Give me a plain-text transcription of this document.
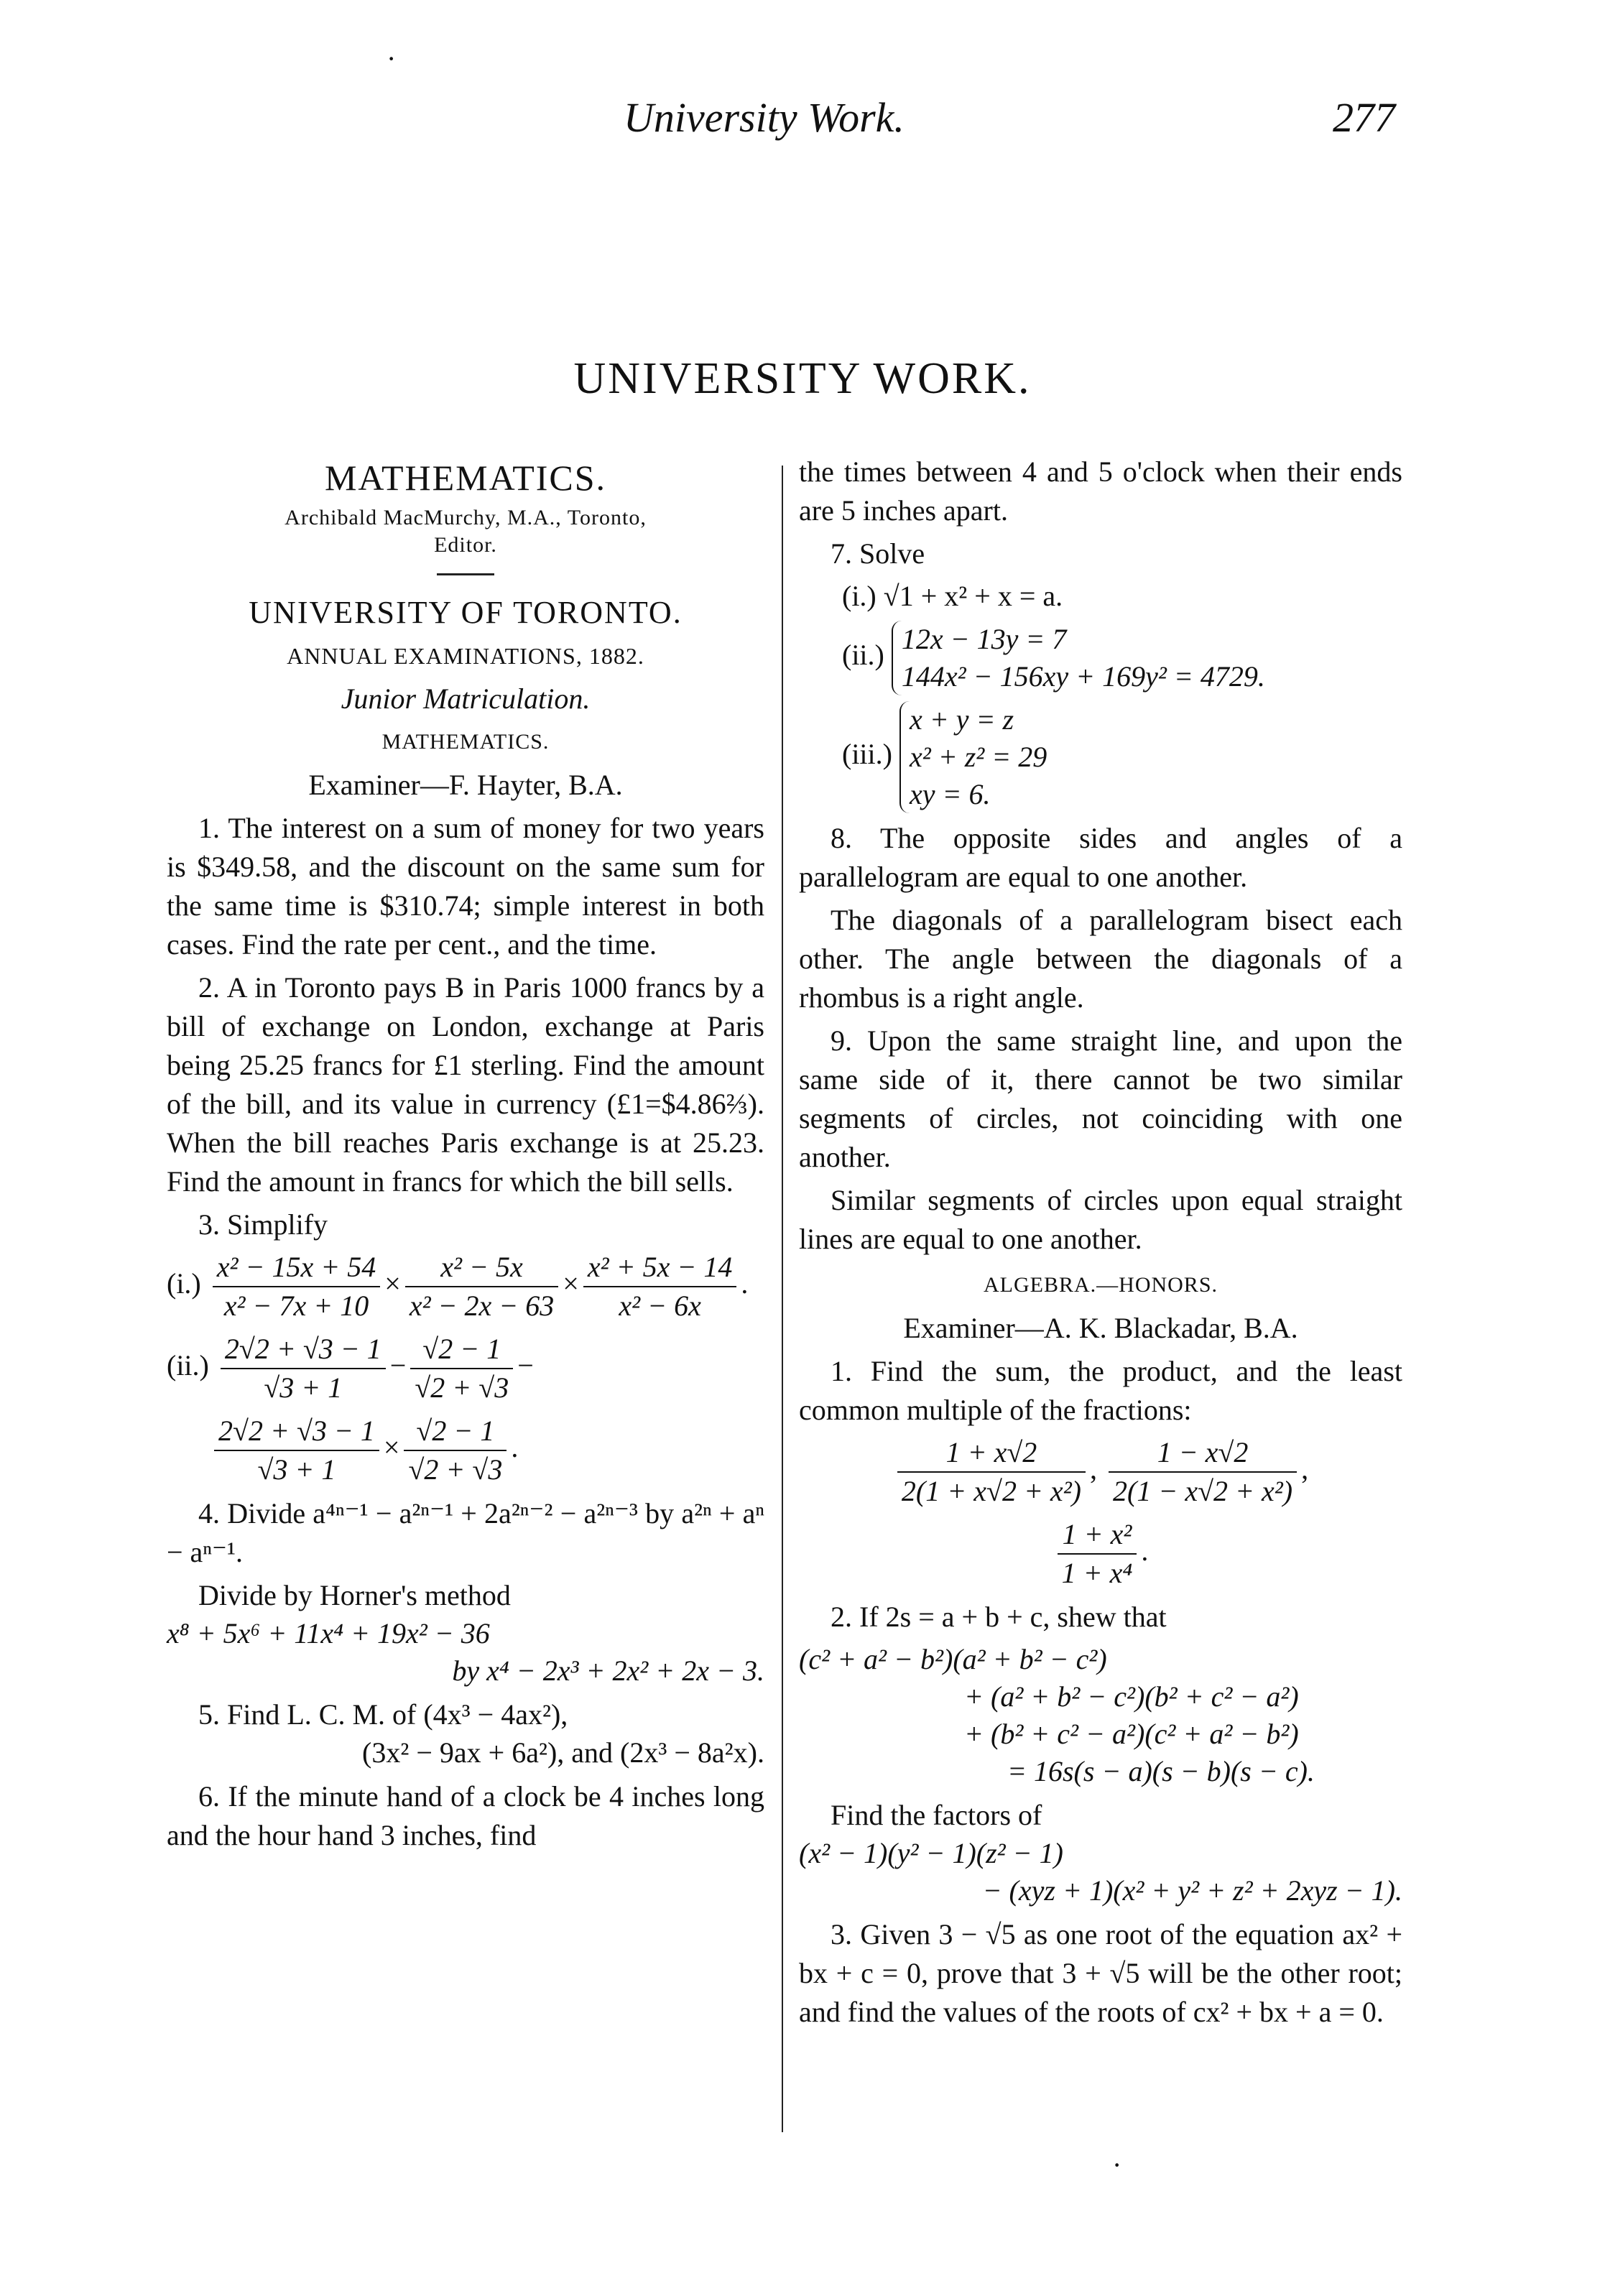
·
University Work.	277
UNIVERSITY WORK.
MATHEMATICS.
Archibald MacMurchy, M.A., Toronto,
Editor.
UNIVERSITY OF TORONTO.
ANNUAL EXAMINATIONS, 1882.
Junior Matriculation.
MATHEMATICS.
Examiner—F. Hayter, B.A.

1. The interest on a sum of money for two years is $349.58, and the discount on the same sum for the same time is $310.74; simple interest in both cases. Find the rate per cent., and the time.

2. A in Toronto pays B in Paris 1000 francs by a bill of exchange on London, exchange at Paris being 25.25 francs for £1 sterling. Find the amount of the bill, and its value in currency (£1=$4.86⅔). When the bill reaches Paris exchange is at 25.23. Find the amount in francs for which the bill sells.

3. Simplify

$(i.) \frac{\text{x² − 15x + 54}}{\text{x² − 7x + 10}} \times \frac{\text{x² − 5x}}{\text{x² − 2x − 63}} \times \frac{\text{x² + 5x − 14}}{\text{x² − 6x}}$ .
$(ii.) \frac{2√2 + √3 - 1}{√3 + 1} - \frac{√2 - 1}{√2 + √3}$ −
$\frac{2√2 + √3 - 1}{√3 + 1} \times \frac{√2 - 1}{√2 + √3}$ .

4. Divide a⁴ⁿ⁻¹ − a²ⁿ⁻¹ + 2a²ⁿ⁻² − a²ⁿ⁻³ by a²ⁿ + aⁿ − aⁿ⁻¹.

Divide by Horner's method

x⁸ + 5x⁶ + 11x⁴ + 19x² − 36
by x⁴ − 2x³ + 2x² + 2x − 3.

5. Find L. C. M. of (4x³ − 4ax²),

(3x² − 9ax + 6a²), and (2x³ − 8a²x).

6. If the minute hand of a clock be 4 inches long and the hour hand 3 inches, find

the times between 4 and 5 o'clock when their ends are 5 inches apart.

7. Solve

(i.) √1 + x² + x = a.
(ii.) 12x − 13y = 7
144x² − 156xy + 169y² = 4729.
(iii.)
x + y = z
x² + z² = 29
xy = 6.

8. The opposite sides and angles of a parallelogram are equal to one another.

The diagonals of a parallelogram bisect each other. The angle between the diagonals of a rhombus is a right angle.

9. Upon the same straight line, and upon the same side of it, there cannot be two similar segments of circles, not coinciding with one another.

Similar segments of circles upon equal straight lines are equal to one another.

ALGEBRA.—HONORS.
Examiner—A. K. Blackadar, B.A.

1. Find the sum, the product, and the least common multiple of the fractions:

$\frac{1 + x√2}{\text{2(1 + x√2 + x²)}}$ , $\frac{1 - x√2}{\text{2(1 − x√2 + x²)}}$ ,
$\frac{\text{1 + x²}}{\text{1 + x⁴}}$ .

2. If 2s = a + b + c, shew that

(c² + a² − b²)(a² + b² − c²)
+ (a² + b² − c²)(b² + c² − a²)
+ (b² + c² − a²)(c² + a² − b²)
= 16s(s − a)(s − b)(s − c).

Find the factors of

(x² − 1)(y² − 1)(z² − 1)
− (xyz + 1)(x² + y² + z² + 2xyz − 1).

3. Given 3 − √5 as one root of the equation ax² + bx + c = 0, prove that 3 + √5 will be the other root; and find the values of the roots of cx² + bx + a = 0.

·
